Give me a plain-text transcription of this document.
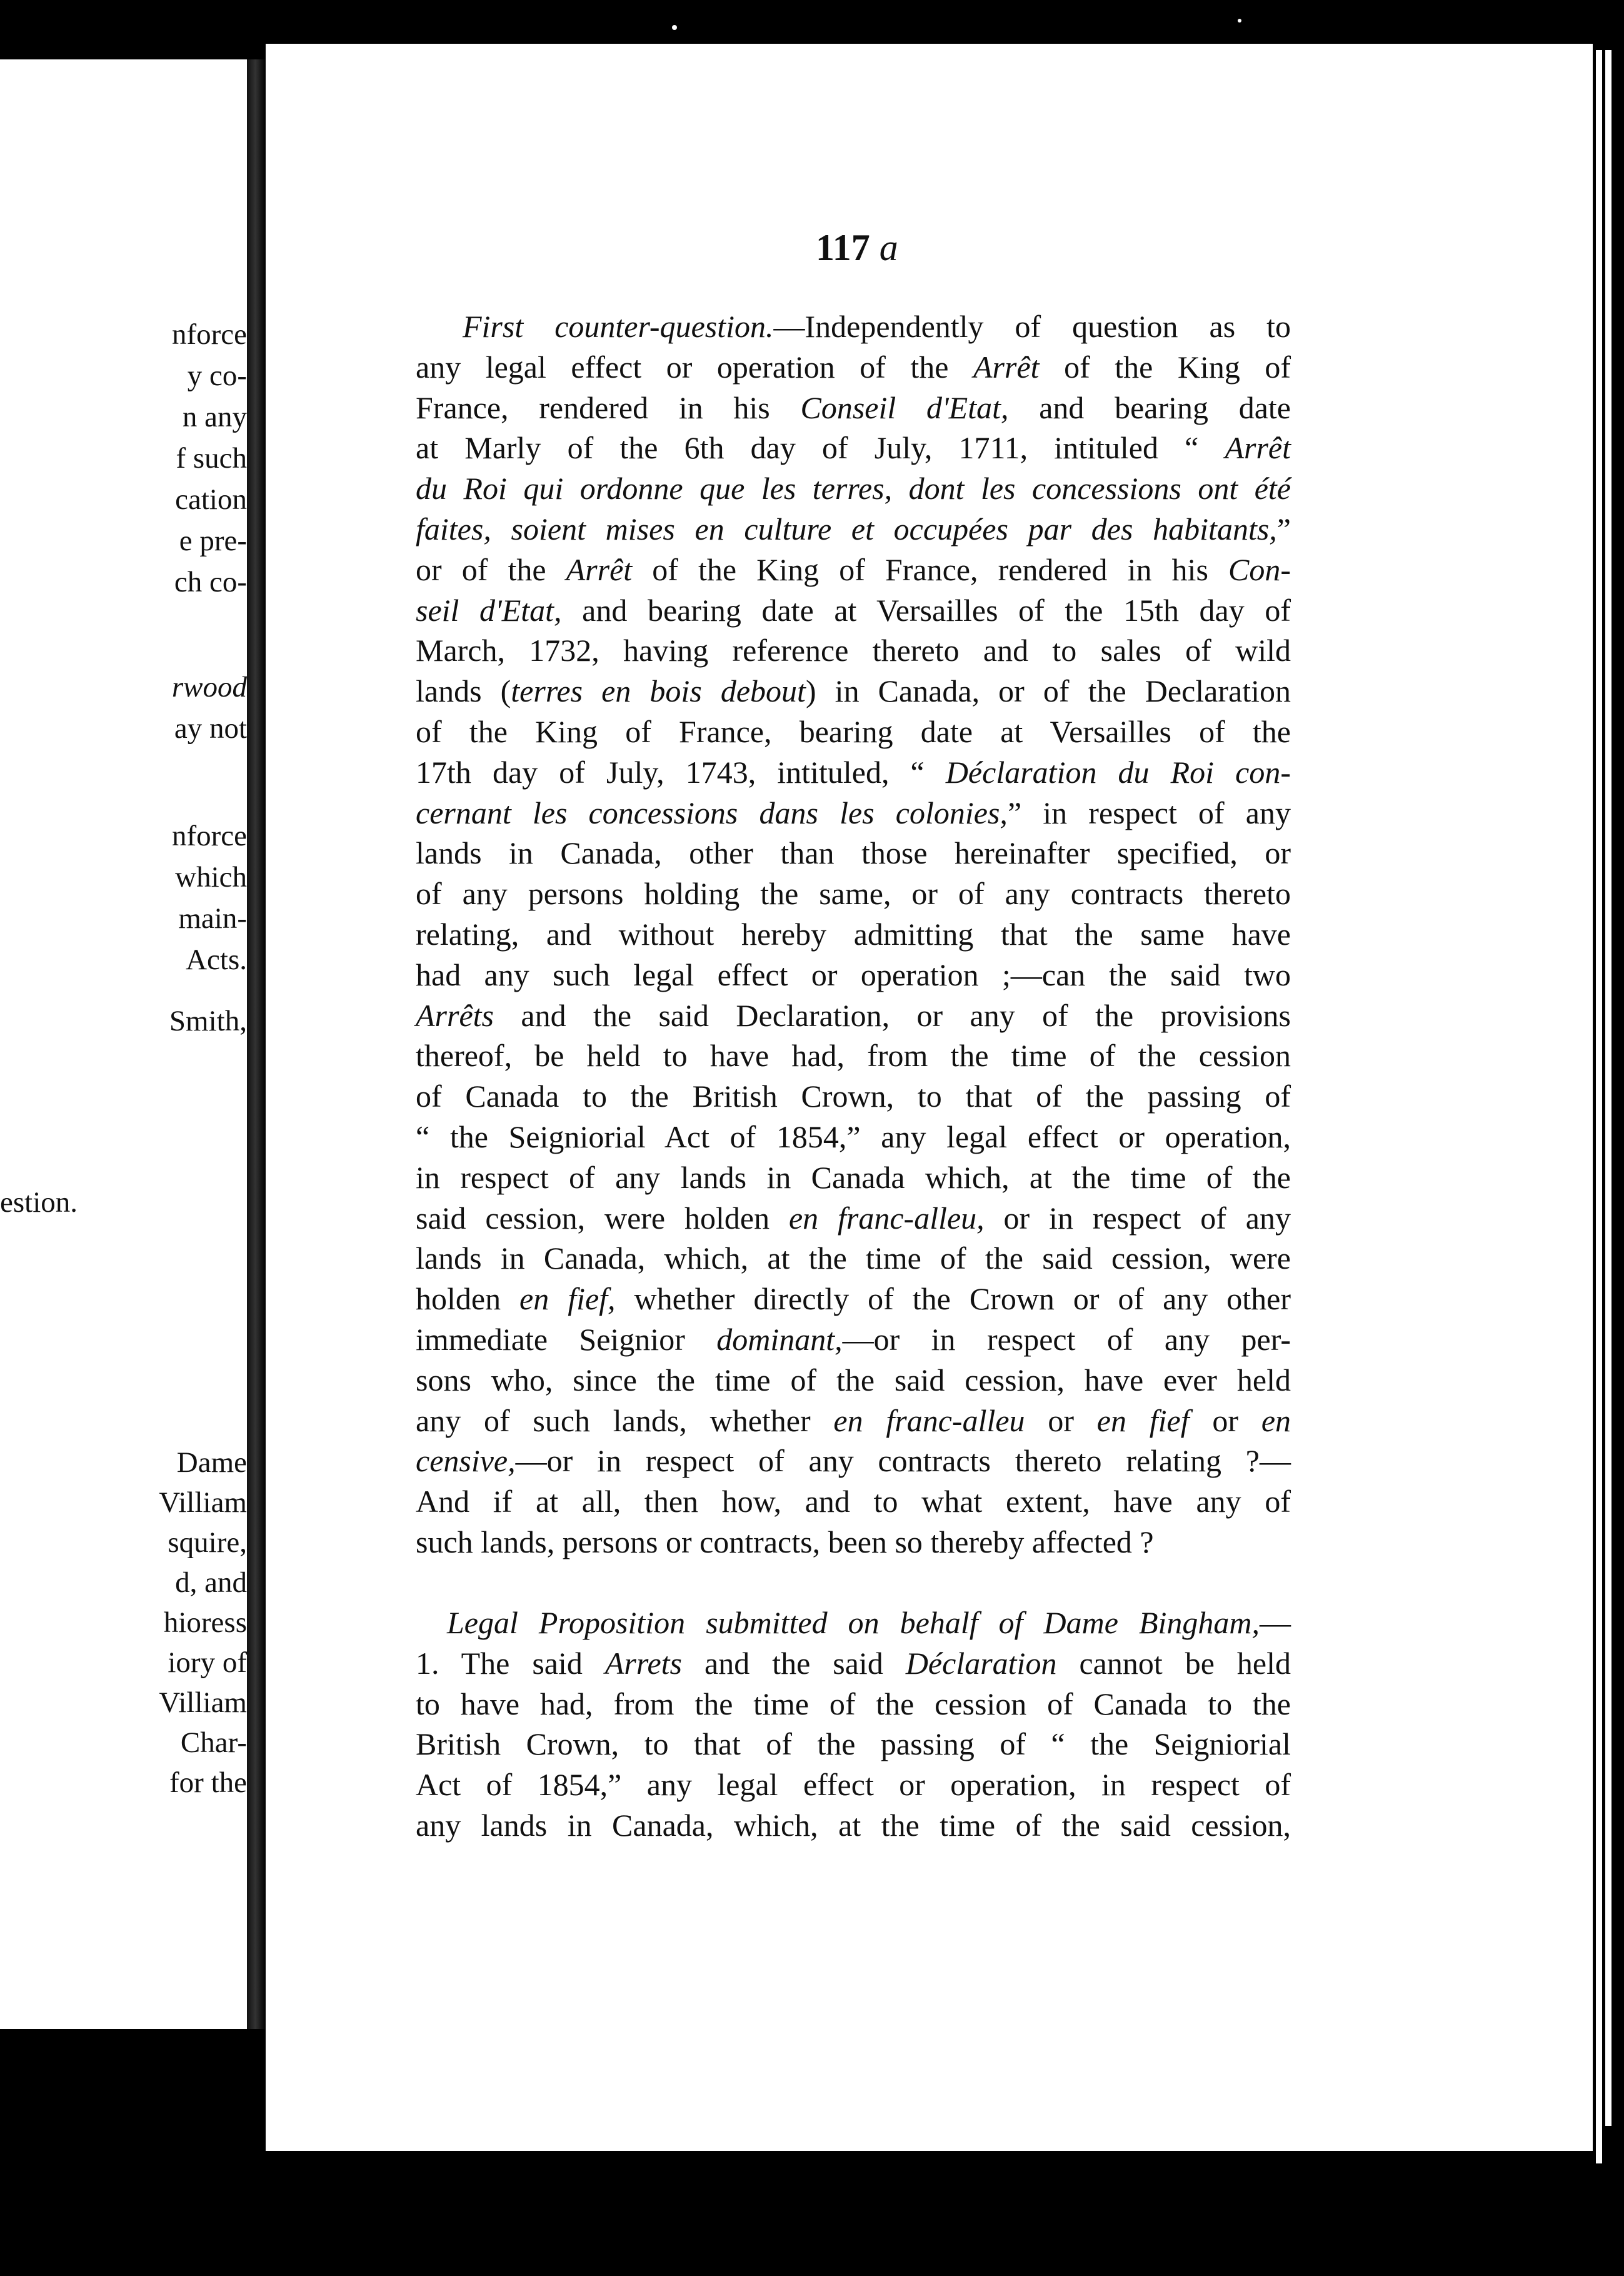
nforce
y co-
n any
f such
cation
e pre-
ch co-
rwood
ay not
nforce
which
main-
Acts.
Smith,
estion.
Dame
Villiam
squire,
d, and
hioress
iory of
Villiam
Char-
for the
117 a
First counter-question.—Independently of question as to
any legal effect or operation of the Arrêt of the King of
France, rendered in his Conseil d'Etat, and bearing date
at Marly of the 6th day of July, 1711, intituled “ Arrêt
du Roi qui ordonne que les terres, dont les concessions ont été
faites, soient mises en culture et occupées par des habitants,”
or of the Arrêt of the King of France, rendered in his Con-
seil d'Etat, and bearing date at Versailles of the 15th day of
March, 1732, having reference thereto and to sales of wild
lands (terres en bois debout) in Canada, or of the Declaration
of the King of France, bearing date at Versailles of the
17th day of July, 1743, intituled, “ Déclaration du Roi con-
cernant les concessions dans les colonies,” in respect of any
lands in Canada, other than those hereinafter specified, or
of any persons holding the same, or of any contracts thereto
relating, and without hereby admitting that the same have
had any such legal effect or operation ;—can the said two
Arrêts and the said Declaration, or any of the provisions
thereof, be held to have had, from the time of the cession
of Canada to the British Crown, to that of the passing of
“ the Seigniorial Act of 1854,” any legal effect or operation,
in respect of any lands in Canada which, at the time of the
said cession, were holden en franc-alleu, or in respect of any
lands in Canada, which, at the time of the said cession, were
holden en fief, whether directly of the Crown or of any other
immediate Seignior dominant,—or in respect of any per-
sons who, since the time of the said cession, have ever held
any of such lands, whether en franc-alleu or en fief or en
censive,—or in respect of any contracts thereto relating ?—
And if at all, then how, and to what extent, have any of
such lands, persons or contracts, been so thereby affected ?
Legal Proposition submitted on behalf of Dame Bingham,—
1. The said Arrets and the said Déclaration cannot be held
to have had, from the time of the cession of Canada to the
British Crown, to that of the passing of “ the Seigniorial
Act of 1854,” any legal effect or operation, in respect of
any lands in Canada, which, at the time of the said cession,
